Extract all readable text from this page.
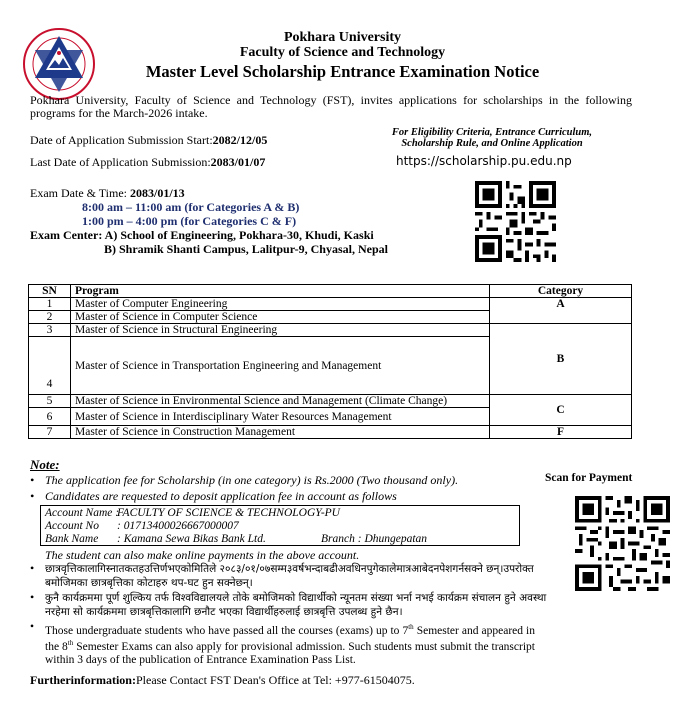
Pokhara University
Faculty of Science and Technology
Master Level Scholarship Entrance Examination Notice
Pokhara University, Faculty of Science and Technology (FST), invites applications for scholarships in the following programs for the March-2026 intake.
Date of Application Submission Start:2082/12/05
Last Date of Application Submission:2083/01/07
For Eligibility Criteria, Entrance Curriculum,
Scholarship Rule, and Online Application
https://scholarship.pu.edu.np
Exam Date & Time: 2083/01/13
8:00 am – 11:00 am (for Categories A & B)
1:00 pm – 4:00 pm (for Categories C & F)
Exam Center: A) School of Engineering, Pokhara-30, Khudi, Kaski
B) Shramik Shanti Campus, Lalitpur-9, Chyasal, Nepal
SN	Program	Category
1	Master of Computer Engineering	A
2	Master of Science in Computer Science	
3	Master of Science in Structural Engineering	B
4	Master of Science in Transportation Engineering and Management	
5	Master of Science in Environmental Science and Management (Climate Change)	C
6	Master of Science in Interdisciplinary Water Resources Management	
7	Master of Science in Construction Management	F
Note:
• The application fee for Scholarship (in one category) is Rs.2000 (Two thousand only).
• Candidates are requested to deposit application fee in account as follows
Account Name :FACULTY OF SCIENCE & TECHNOLOGY-PU
Account No : 01713400026667000007
Bank Name : Kamana Sewa Bikas Bank Ltd.	Branch : Dhungepatan
The student can also make online payments in the above account.
• छात्रवृत्तिकालागिस्नातकतहउत्तिर्णभएकोमितिले २०८३/०१/०७सम्म३वर्षभन्दाबढीअवधिनपुगेकालेमात्रआबेदनपेशगर्नसक्ने छन्।उपरोक्त बमोजिमका छात्रबृत्तिका कोटाहरु थप-घट हुन सक्नेछन्।
• कुनै कार्यक्रममा पूर्ण शुल्किय तर्फ विश्वविद्यालयले तोके बमोजिमको विद्यार्थीको न्यूनतम संख्या भर्ना नभई कार्यक्रम संचालन हुने अवस्था नरहेमा सो कार्यक्रममा छात्रबृत्तिकालागि छनौट भएका विद्यार्थीहरुलाई छात्रबृत्ति उपलब्ध हुने छैन।
• Those undergraduate students who have passed all the courses (exams) up to 7th Semester and appeared in the 8th Semester Exams can also apply for provisional admission. Such students must submit the transcript within 3 days of the publication of Entrance Examination Pass List.
Scan for Payment
Furtherinformation:Please Contact FST Dean's Office at Tel: +977-61504075.
